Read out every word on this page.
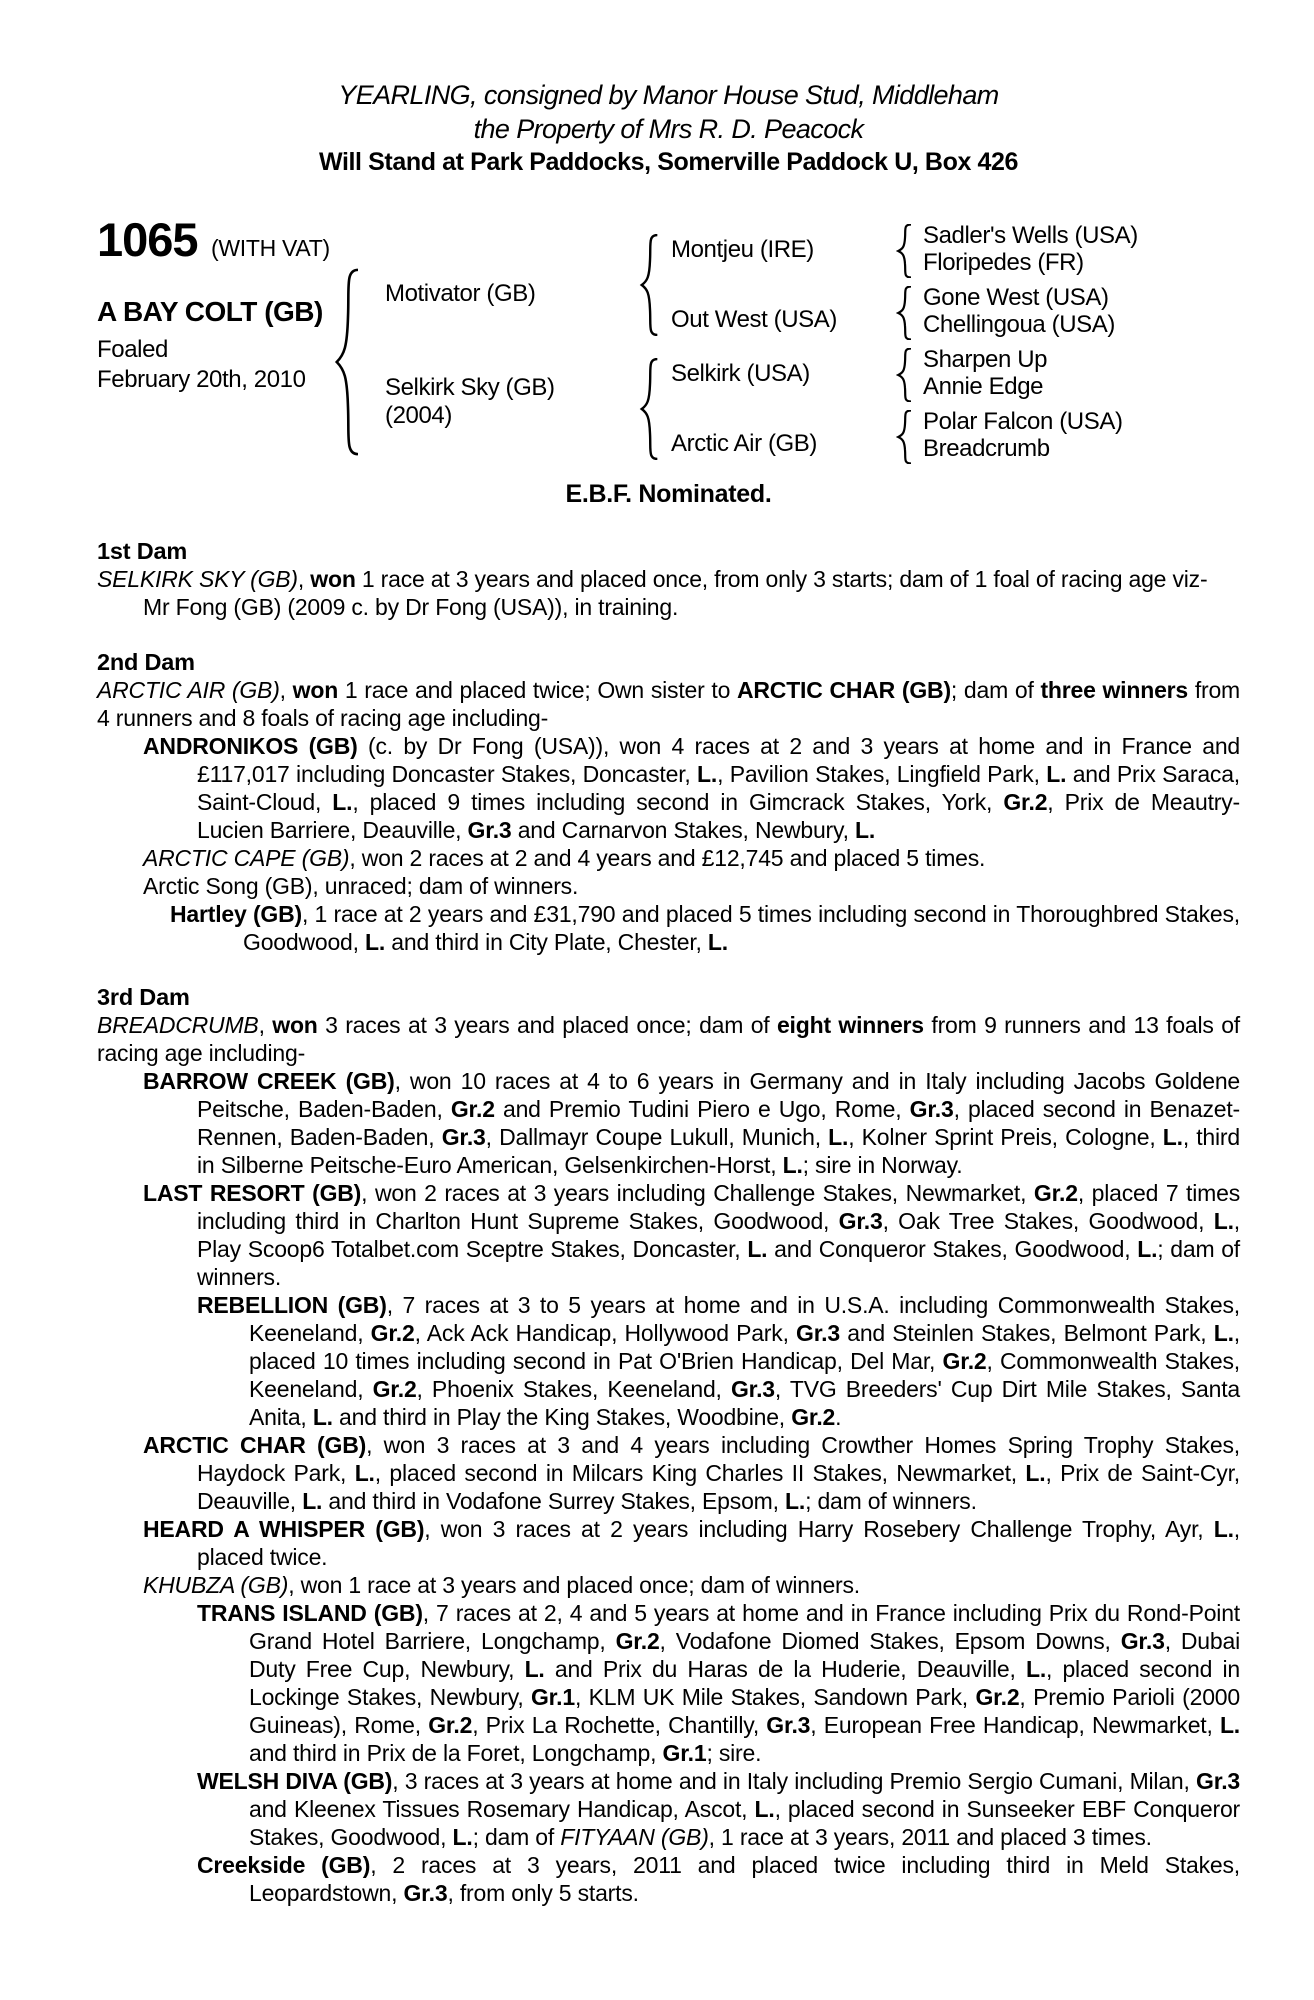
YEARLING, consigned by Manor House Stud, Middleham
the Property of Mrs R. D. Peacock
Will Stand at Park Paddocks, Somerville Paddock U, Box 426
1065 (WITH VAT)
A BAY COLT (GB)
Foaled
February 20th, 2010
Motivator (GB)
Selkirk Sky (GB)
(2004)
Montjeu (IRE)
Out West (USA)
Selkirk (USA)
Arctic Air (GB)
Sadler's Wells (USA)
Floripedes (FR)
Gone West (USA)
Chellingoua (USA)
Sharpen Up
Annie Edge
Polar Falcon (USA)
Breadcrumb
E.B.F. Nominated.
1st Dam

SELKIRK SKY (GB), won 1 race at 3 years and placed once, from only 3 starts; dam of 1 foal of racing age viz-

Mr Fong (GB) (2009 c. by Dr Fong (USA)), in training.

2nd Dam

ARCTIC AIR (GB), won 1 race and placed twice; Own sister to ARCTIC CHAR (GB); dam of three winners from 4 runners and 8 foals of racing age including-

ANDRONIKOS (GB) (c. by Dr Fong (USA)), won 4 races at 2 and 3 years at home and in France and £117,017 including Doncaster Stakes, Doncaster, L., Pavilion Stakes, Lingfield Park, L. and Prix Saraca, Saint-Cloud, L., placed 9 times including second in Gimcrack Stakes, York, Gr.2, Prix de Meautry- Lucien Barriere, Deauville, Gr.3 and Carnarvon Stakes, Newbury, L.

ARCTIC CAPE (GB), won 2 races at 2 and 4 years and £12,745 and placed 5 times.

Arctic Song (GB), unraced; dam of winners.

Hartley (GB), 1 race at 2 years and £31,790 and placed 5 times including second in Thoroughbred Stakes, Goodwood, L. and third in City Plate, Chester, L.

3rd Dam

BREADCRUMB, won 3 races at 3 years and placed once; dam of eight winners from 9 runners and 13 foals of racing age including-

BARROW CREEK (GB), won 10 races at 4 to 6 years in Germany and in Italy including Jacobs Goldene Peitsche, Baden-Baden, Gr.2 and Premio Tudini Piero e Ugo, Rome, Gr.3, placed second in Benazet-Rennen, Baden-Baden, Gr.3, Dallmayr Coupe Lukull, Munich, L., Kolner Sprint Preis, Cologne, L., third in Silberne Peitsche-Euro American, Gelsenkirchen-Horst, L.; sire in Norway.

LAST RESORT (GB), won 2 races at 3 years including Challenge Stakes, Newmarket, Gr.2, placed 7 times including third in Charlton Hunt Supreme Stakes, Goodwood, Gr.3, Oak Tree Stakes, Goodwood, L., Play Scoop6 Totalbet.com Sceptre Stakes, Doncaster, L. and Conqueror Stakes, Goodwood, L.; dam of winners.

REBELLION (GB), 7 races at 3 to 5 years at home and in U.S.A. including Commonwealth Stakes, Keeneland, Gr.2, Ack Ack Handicap, Hollywood Park, Gr.3 and Steinlen Stakes, Belmont Park, L., placed 10 times including second in Pat O'Brien Handicap, Del Mar, Gr.2, Commonwealth Stakes, Keeneland, Gr.2, Phoenix Stakes, Keeneland, Gr.3, TVG Breeders' Cup Dirt Mile Stakes, Santa Anita, L. and third in Play the King Stakes, Woodbine, Gr.2.

ARCTIC CHAR (GB), won 3 races at 3 and 4 years including Crowther Homes Spring Trophy Stakes, Haydock Park, L., placed second in Milcars King Charles II Stakes, Newmarket, L., Prix de Saint-Cyr, Deauville, L. and third in Vodafone Surrey Stakes, Epsom, L.; dam of winners.

HEARD A WHISPER (GB), won 3 races at 2 years including Harry Rosebery Challenge Trophy, Ayr, L., placed twice.

KHUBZA (GB), won 1 race at 3 years and placed once; dam of winners.

TRANS ISLAND (GB), 7 races at 2, 4 and 5 years at home and in France including Prix du Rond-Point Grand Hotel Barriere, Longchamp, Gr.2, Vodafone Diomed Stakes, Epsom Downs, Gr.3, Dubai Duty Free Cup, Newbury, L. and Prix du Haras de la Huderie, Deauville, L., placed second in Lockinge Stakes, Newbury, Gr.1, KLM UK Mile Stakes, Sandown Park, Gr.2, Premio Parioli (2000 Guineas), Rome, Gr.2, Prix La Rochette, Chantilly, Gr.3, European Free Handicap, Newmarket, L. and third in Prix de la Foret, Longchamp, Gr.1; sire.

WELSH DIVA (GB), 3 races at 3 years at home and in Italy including Premio Sergio Cumani, Milan, Gr.3 and Kleenex Tissues Rosemary Handicap, Ascot, L., placed second in Sunseeker EBF Conqueror Stakes, Goodwood, L.; dam of FITYAAN (GB), 1 race at 3 years, 2011 and placed 3 times.

Creekside (GB), 2 races at 3 years, 2011 and placed twice including third in Meld Stakes, Leopardstown, Gr.3, from only 5 starts.
